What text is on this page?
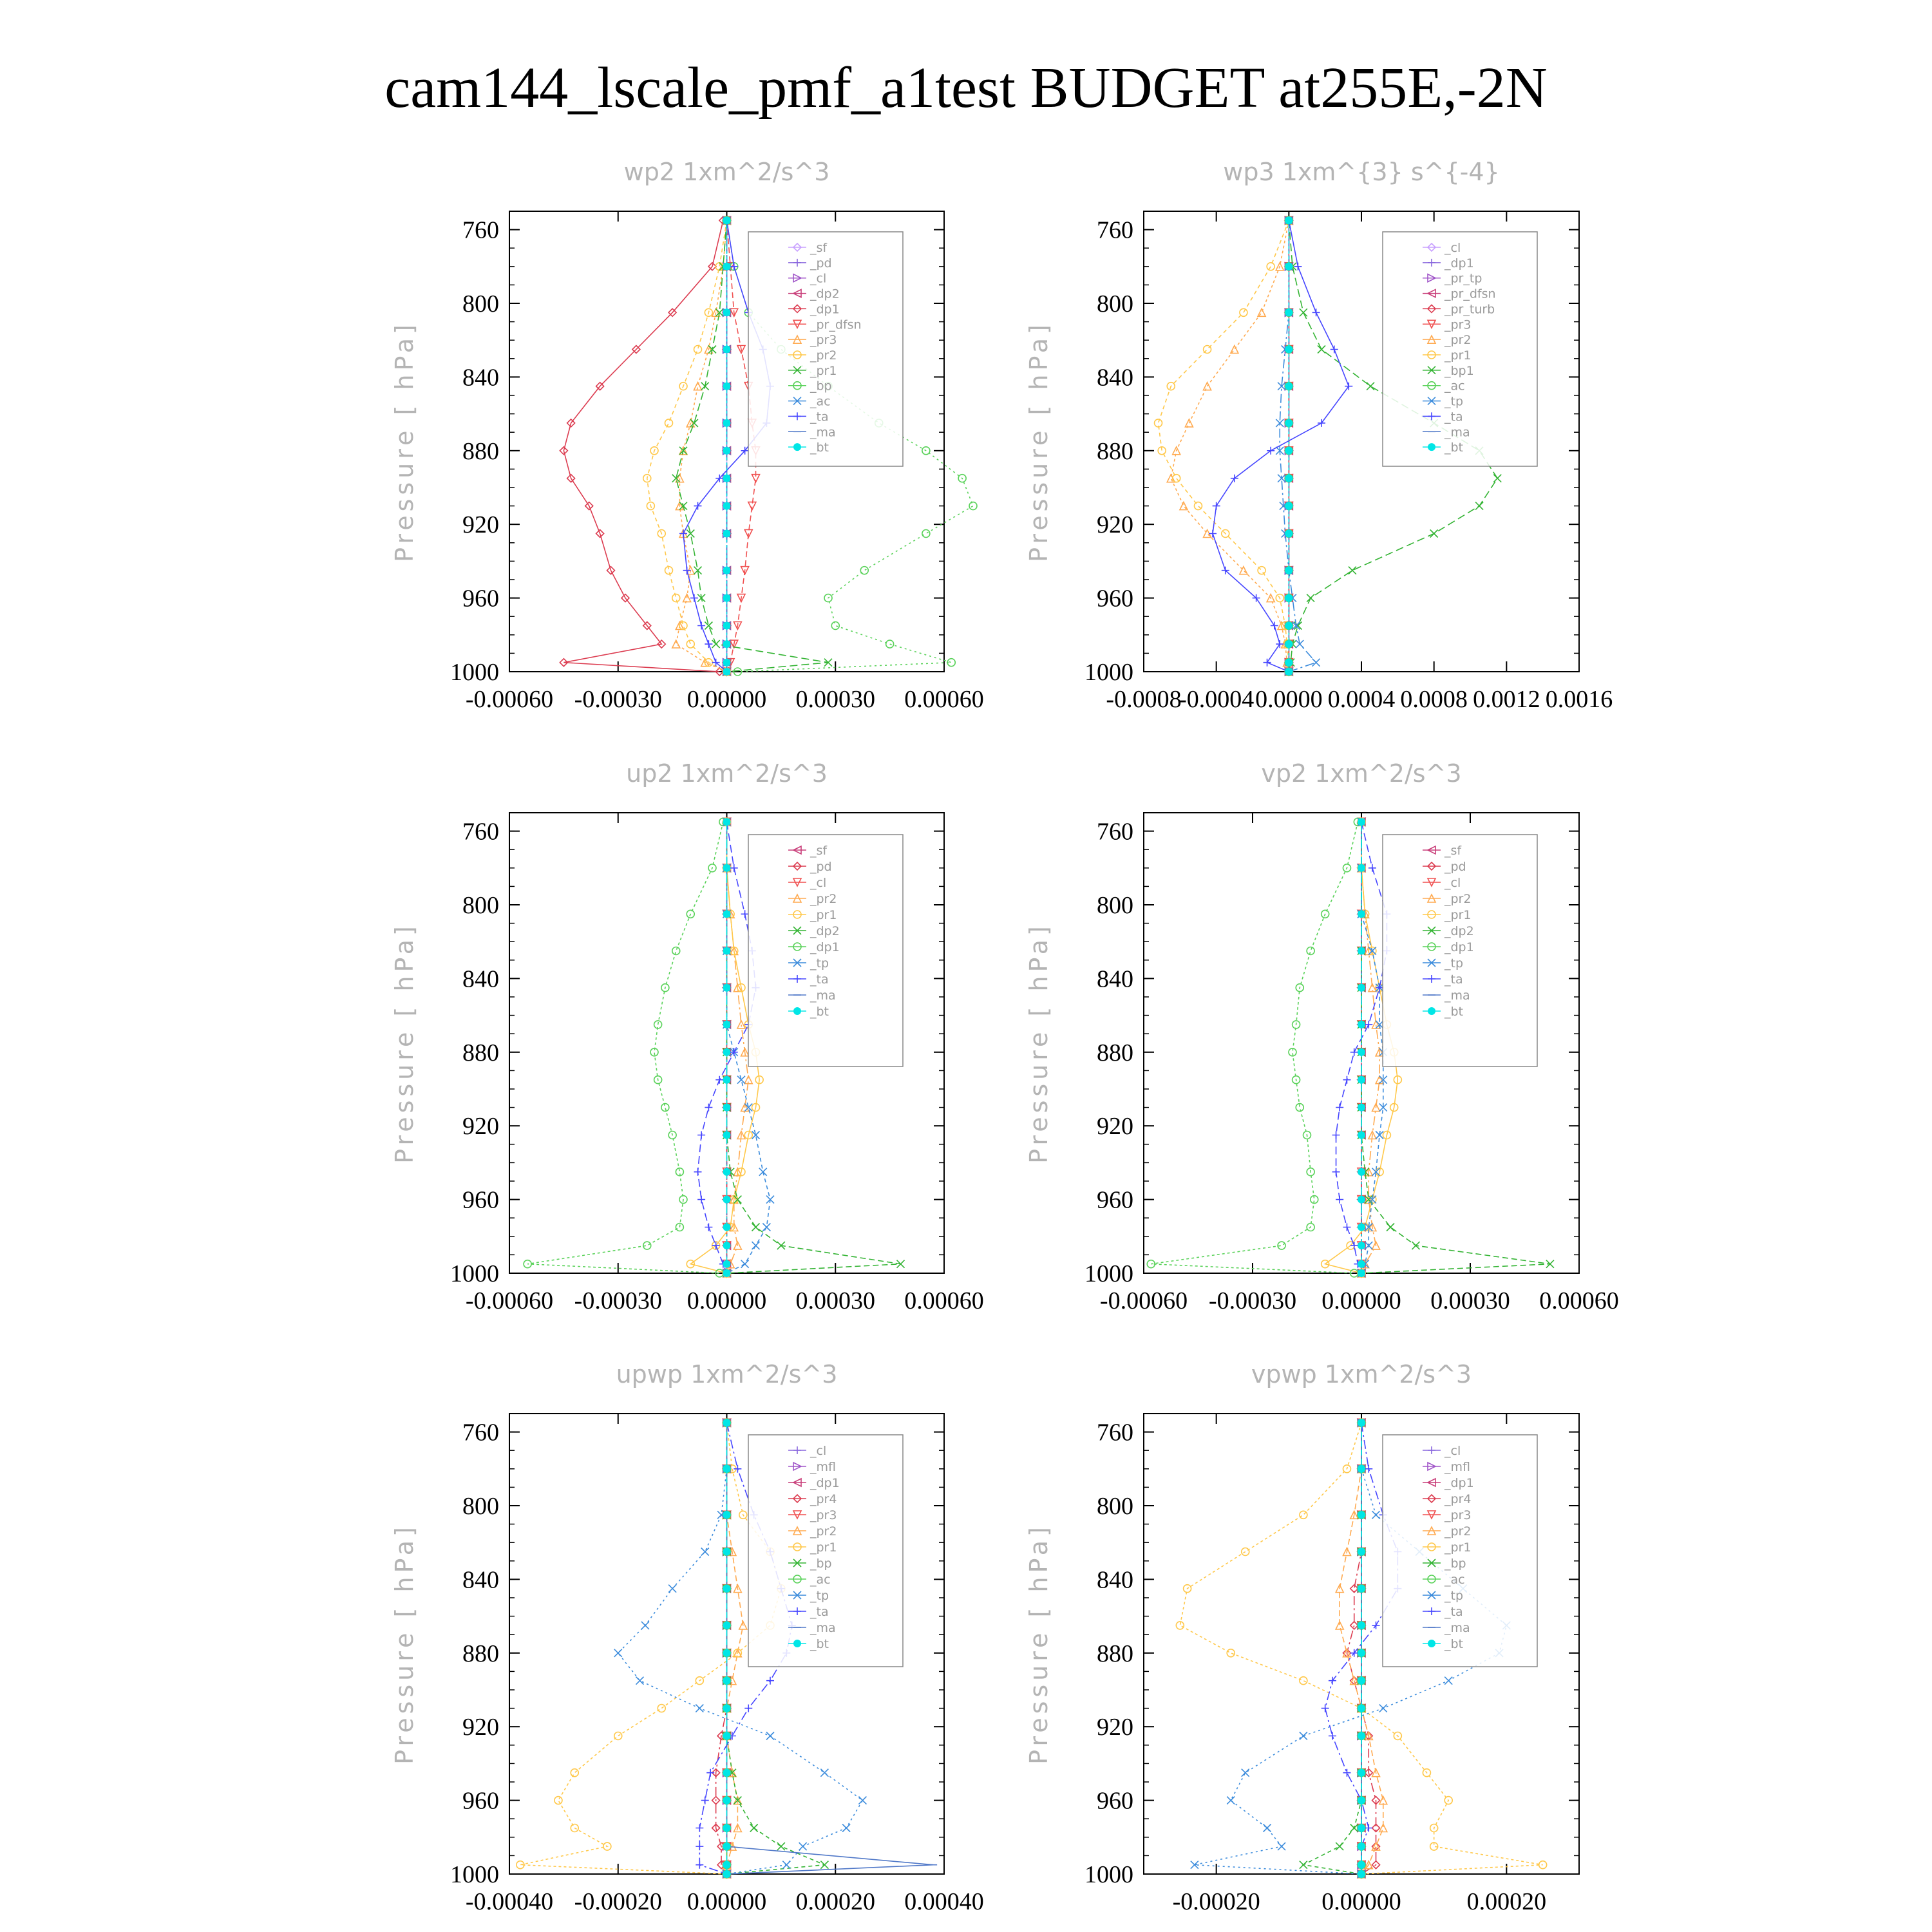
cam144_lscale_pmf_a1test BUDGET at255E,-2N
wp2 1xm^2/s^3
Pressure [ hPa]
760
800
840
880
920
960
1000
-0.00060 -0.00030 0.00000 0.00030 0.00060
_sf
_pd
_cl
_dp2
_dp1
_pr_dfsn
_pr3
_pr2
_pr1
_bp
_ac
_ta
_ma
_bt
wp3 1xm^{3} s^{-4}
Pressure [ hPa]
760
800
840
880
920
960
1000
-0.0008
-0.0004 0.0000 0.0004 0.0008 0.0012 0.0016
_cl
_dp1
_pr_tp
_pr_dfsn
_pr_turb
_pr3
_pr2
_pr1
_bp1
_ac
_tp
_ta
_ma
_bt
up2 1xm^2/s^3
Pressure [ hPa]
760
800
840
880
920
960
1000
-0.00060 -0.00030 0.00000 0.00030 0.00060
_sf
_pd
_cl
_pr2
_pr1
_dp2
_dp1
_tp
_ta
_ma
_bt
vp2 1xm^2/s^3
Pressure [ hPa]
760
800
840
880
920
960
1000
-0.00060 -0.00030 0.00000 0.00030 0.00060
_sf
_pd
_cl
_pr2
_pr1
_dp2
_dp1
_tp
_ta
_ma
_bt
upwp 1xm^2/s^3
Pressure [ hPa]
760
800
840
880
920
960
1000
-0.00040 -0.00020 0.00000 0.00020 0.00040
_cl
_mfl
_dp1
_pr4
_pr3
_pr2
_pr1
_bp
_ac
_tp
_ta
_ma
_bt
vpwp 1xm^2/s^3
Pressure [ hPa]
760
800
840
880
920
960
1000
-0.00020	0.00000	0.00020
_cl
_mfl
_dp1
_pr4
_pr3
_pr2
_pr1
_bp
_ac
_tp
_ta
_ma
_bt
